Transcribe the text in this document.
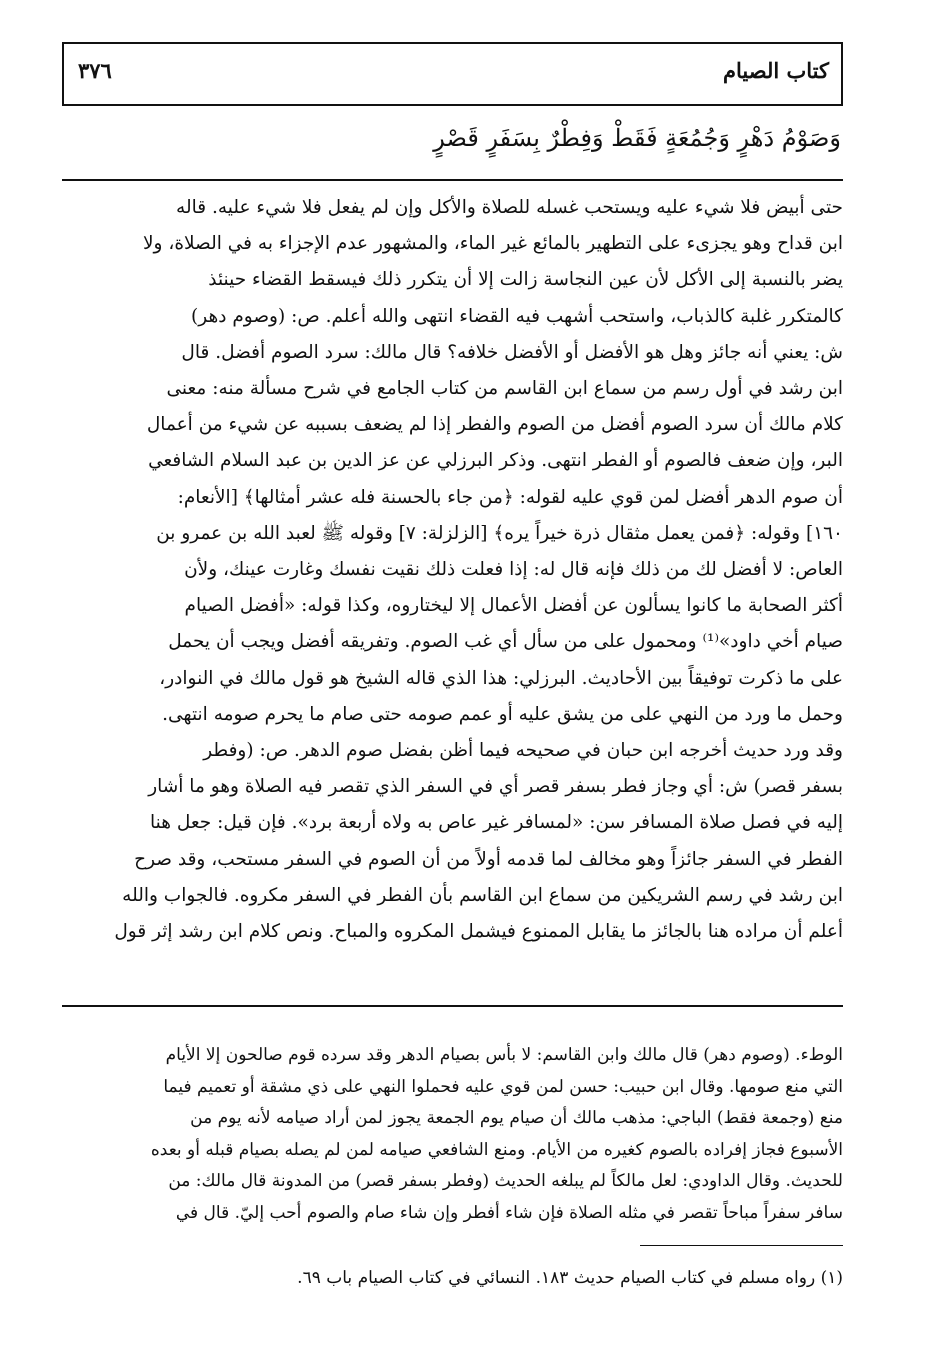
كتاب الصيام
٣٧٦
وَصَوْمُ دَهْرٍ وَجُمُعَةٍ فَقَطْ وَفِطْرٌ بِسَفَرٍ قَصْرٍ
حتى أبيض فلا شيء عليه ويستحب غسله للصلاة والأكل وإن لم يفعل فلا شيء عليه. قاله
ابن قداح وهو يجزىء على التطهير بالمائع غير الماء، والمشهور عدم الإجزاء به في الصلاة، ولا
يضر بالنسبة إلى الأكل لأن عين النجاسة زالت إلا أن يتكرر ذلك فيسقط القضاء حينئذ
كالمتكرر غلبة كالذباب، واستحب أشهب فيه القضاء انتهى والله أعلم. ص: (وصوم دهر)
ش: يعني أنه جائز وهل هو الأفضل أو الأفضل خلافه؟ قال مالك: سرد الصوم أفضل. قال
ابن رشد في أول رسم من سماع ابن القاسم من كتاب الجامع في شرح مسألة منه: معنى
كلام مالك أن سرد الصوم أفضل من الصوم والفطر إذا لم يضعف بسببه عن شيء من أعمال
البر، وإن ضعف فالصوم أو الفطر انتهى. وذكر البرزلي عن عز الدين بن عبد السلام الشافعي
أن صوم الدهر أفضل لمن قوي عليه لقوله: ﴿من جاء بالحسنة فله عشر أمثالها﴾ [الأنعام:
١٦٠] وقوله: ﴿فمن يعمل مثقال ذرة خيراً يره﴾ [الزلزلة: ٧] وقوله ﷺ لعبد الله بن عمرو بن
العاص: لا أفضل لك من ذلك فإنه قال له: إذا فعلت ذلك نقيت نفسك وغارت عينك، ولأن
أكثر الصحابة ما كانوا يسألون عن أفضل الأعمال إلا ليختاروه، وكذا قوله: «أفضل الصيام
صيام أخي داود»⁽¹⁾ ومحمول على من سأل أي غب الصوم. وتفريقه أفضل ويجب أن يحمل
على ما ذكرت توفيقاً بين الأحاديث. البرزلي: هذا الذي قاله الشيخ هو قول مالك في النوادر،
وحمل ما ورد من النهي على من يشق عليه أو عمم صومه حتى صام ما يحرم صومه انتهى.
وقد ورد حديث أخرجه ابن حبان في صحيحه فيما أظن بفضل صوم الدهر. ص: (وفطر
بسفر قصر) ش: أي وجاز فطر بسفر قصر أي في السفر الذي تقصر فيه الصلاة وهو ما أشار
إليه في فصل صلاة المسافر سن: «لمسافر غير عاص به ولاه أربعة برد». فإن قيل: جعل هنا
الفطر في السفر جائزاً وهو مخالف لما قدمه أولاً من أن الصوم في السفر مستحب، وقد صرح
ابن رشد في رسم الشريكين من سماع ابن القاسم بأن الفطر في السفر مكروه. فالجواب والله
أعلم أن مراده هنا بالجائز ما يقابل الممنوع فيشمل المكروه والمباح. ونص كلام ابن رشد إثر قول
الوطء. (وصوم دهر) قال مالك وابن القاسم: لا بأس بصيام الدهر وقد سرده قوم صالحون إلا الأيام
التي منع صومها. وقال ابن حبيب: حسن لمن قوي عليه فحملوا النهي على ذي مشقة أو تعميم فيما
منع (وجمعة فقط) الباجي: مذهب مالك أن صيام يوم الجمعة يجوز لمن أراد صيامه لأنه يوم من
الأسبوع فجاز إفراده بالصوم كغيره من الأيام. ومنع الشافعي صيامه لمن لم يصله بصيام قبله أو بعده
للحديث. وقال الداودي: لعل مالكاً لم يبلغه الحديث (وفطر بسفر قصر) من المدونة قال مالك: من
سافر سفراً مباحاً تقصر في مثله الصلاة فإن شاء أفطر وإن شاء صام والصوم أحب إليّ. قال في
(١) رواه مسلم في كتاب الصيام حديث ١٨٣. النسائي في كتاب الصيام باب ٦٩.
